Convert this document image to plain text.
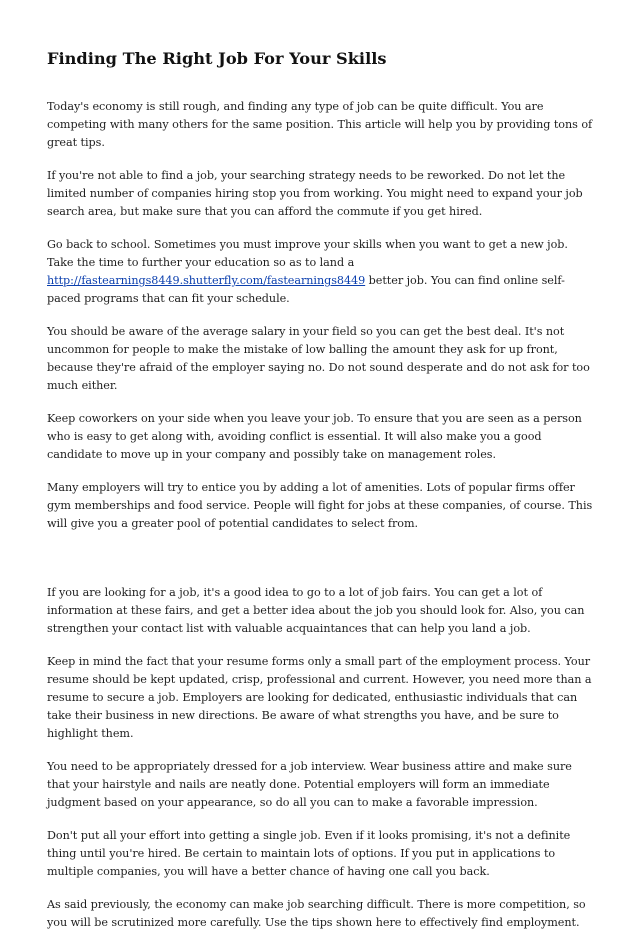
Finding The Right Job For Your Skills

Today's economy is still rough, and finding any type of job can be quite difficult. You are competing with many others for the same position. This article will help you by providing tons of great tips.

If you're not able to find a job, your searching strategy needs to be reworked. Do not let the limited number of companies hiring stop you from working. You might need to expand your job search area, but make sure that you can afford the commute if you get hired.

Go back to school. Sometimes you must improve your skills when you want to get a new job. Take the time to further your education so as to land a http://fastearnings8449.shutterfly.com/fastearnings8449 better job. You can find online self-paced programs that can fit your schedule.

You should be aware of the average salary in your field so you can get the best deal. It's not uncommon for people to make the mistake of low balling the amount they ask for up front, because they're afraid of the employer saying no. Do not sound desperate and do not ask for too much either.

Keep coworkers on your side when you leave your job. To ensure that you are seen as a person who is easy to get along with, avoiding conflict is essential. It will also make you a good candidate to move up in your company and possibly take on management roles.

Many employers will try to entice you by adding a lot of amenities. Lots of popular firms offer gym memberships and food service. People will fight for jobs at these companies, of course. This will give you a greater pool of potential candidates to select from.

If you are looking for a job, it's a good idea to go to a lot of job fairs. You can get a lot of information at these fairs, and get a better idea about the job you should look for. Also, you can strengthen your contact list with valuable acquaintances that can help you land a job.

Keep in mind the fact that your resume forms only a small part of the employment process. Your resume should be kept updated, crisp, professional and current. However, you need more than a resume to secure a job. Employers are looking for dedicated, enthusiastic individuals that can take their business in new directions. Be aware of what strengths you have, and be sure to highlight them.

You need to be appropriately dressed for a job interview. Wear business attire and make sure that your hairstyle and nails are neatly done. Potential employers will form an immediate judgment based on your appearance, so do all you can to make a favorable impression.

Don't put all your effort into getting a single job. Even if it looks promising, it's not a definite thing until you're hired. Be certain to maintain lots of options. If you put in applications to multiple companies, you will have a better chance of having one call you back.

As said previously, the economy can make job searching difficult. There is more competition, so you will be scrutinized more carefully. Use the tips shown here to effectively find employment.
